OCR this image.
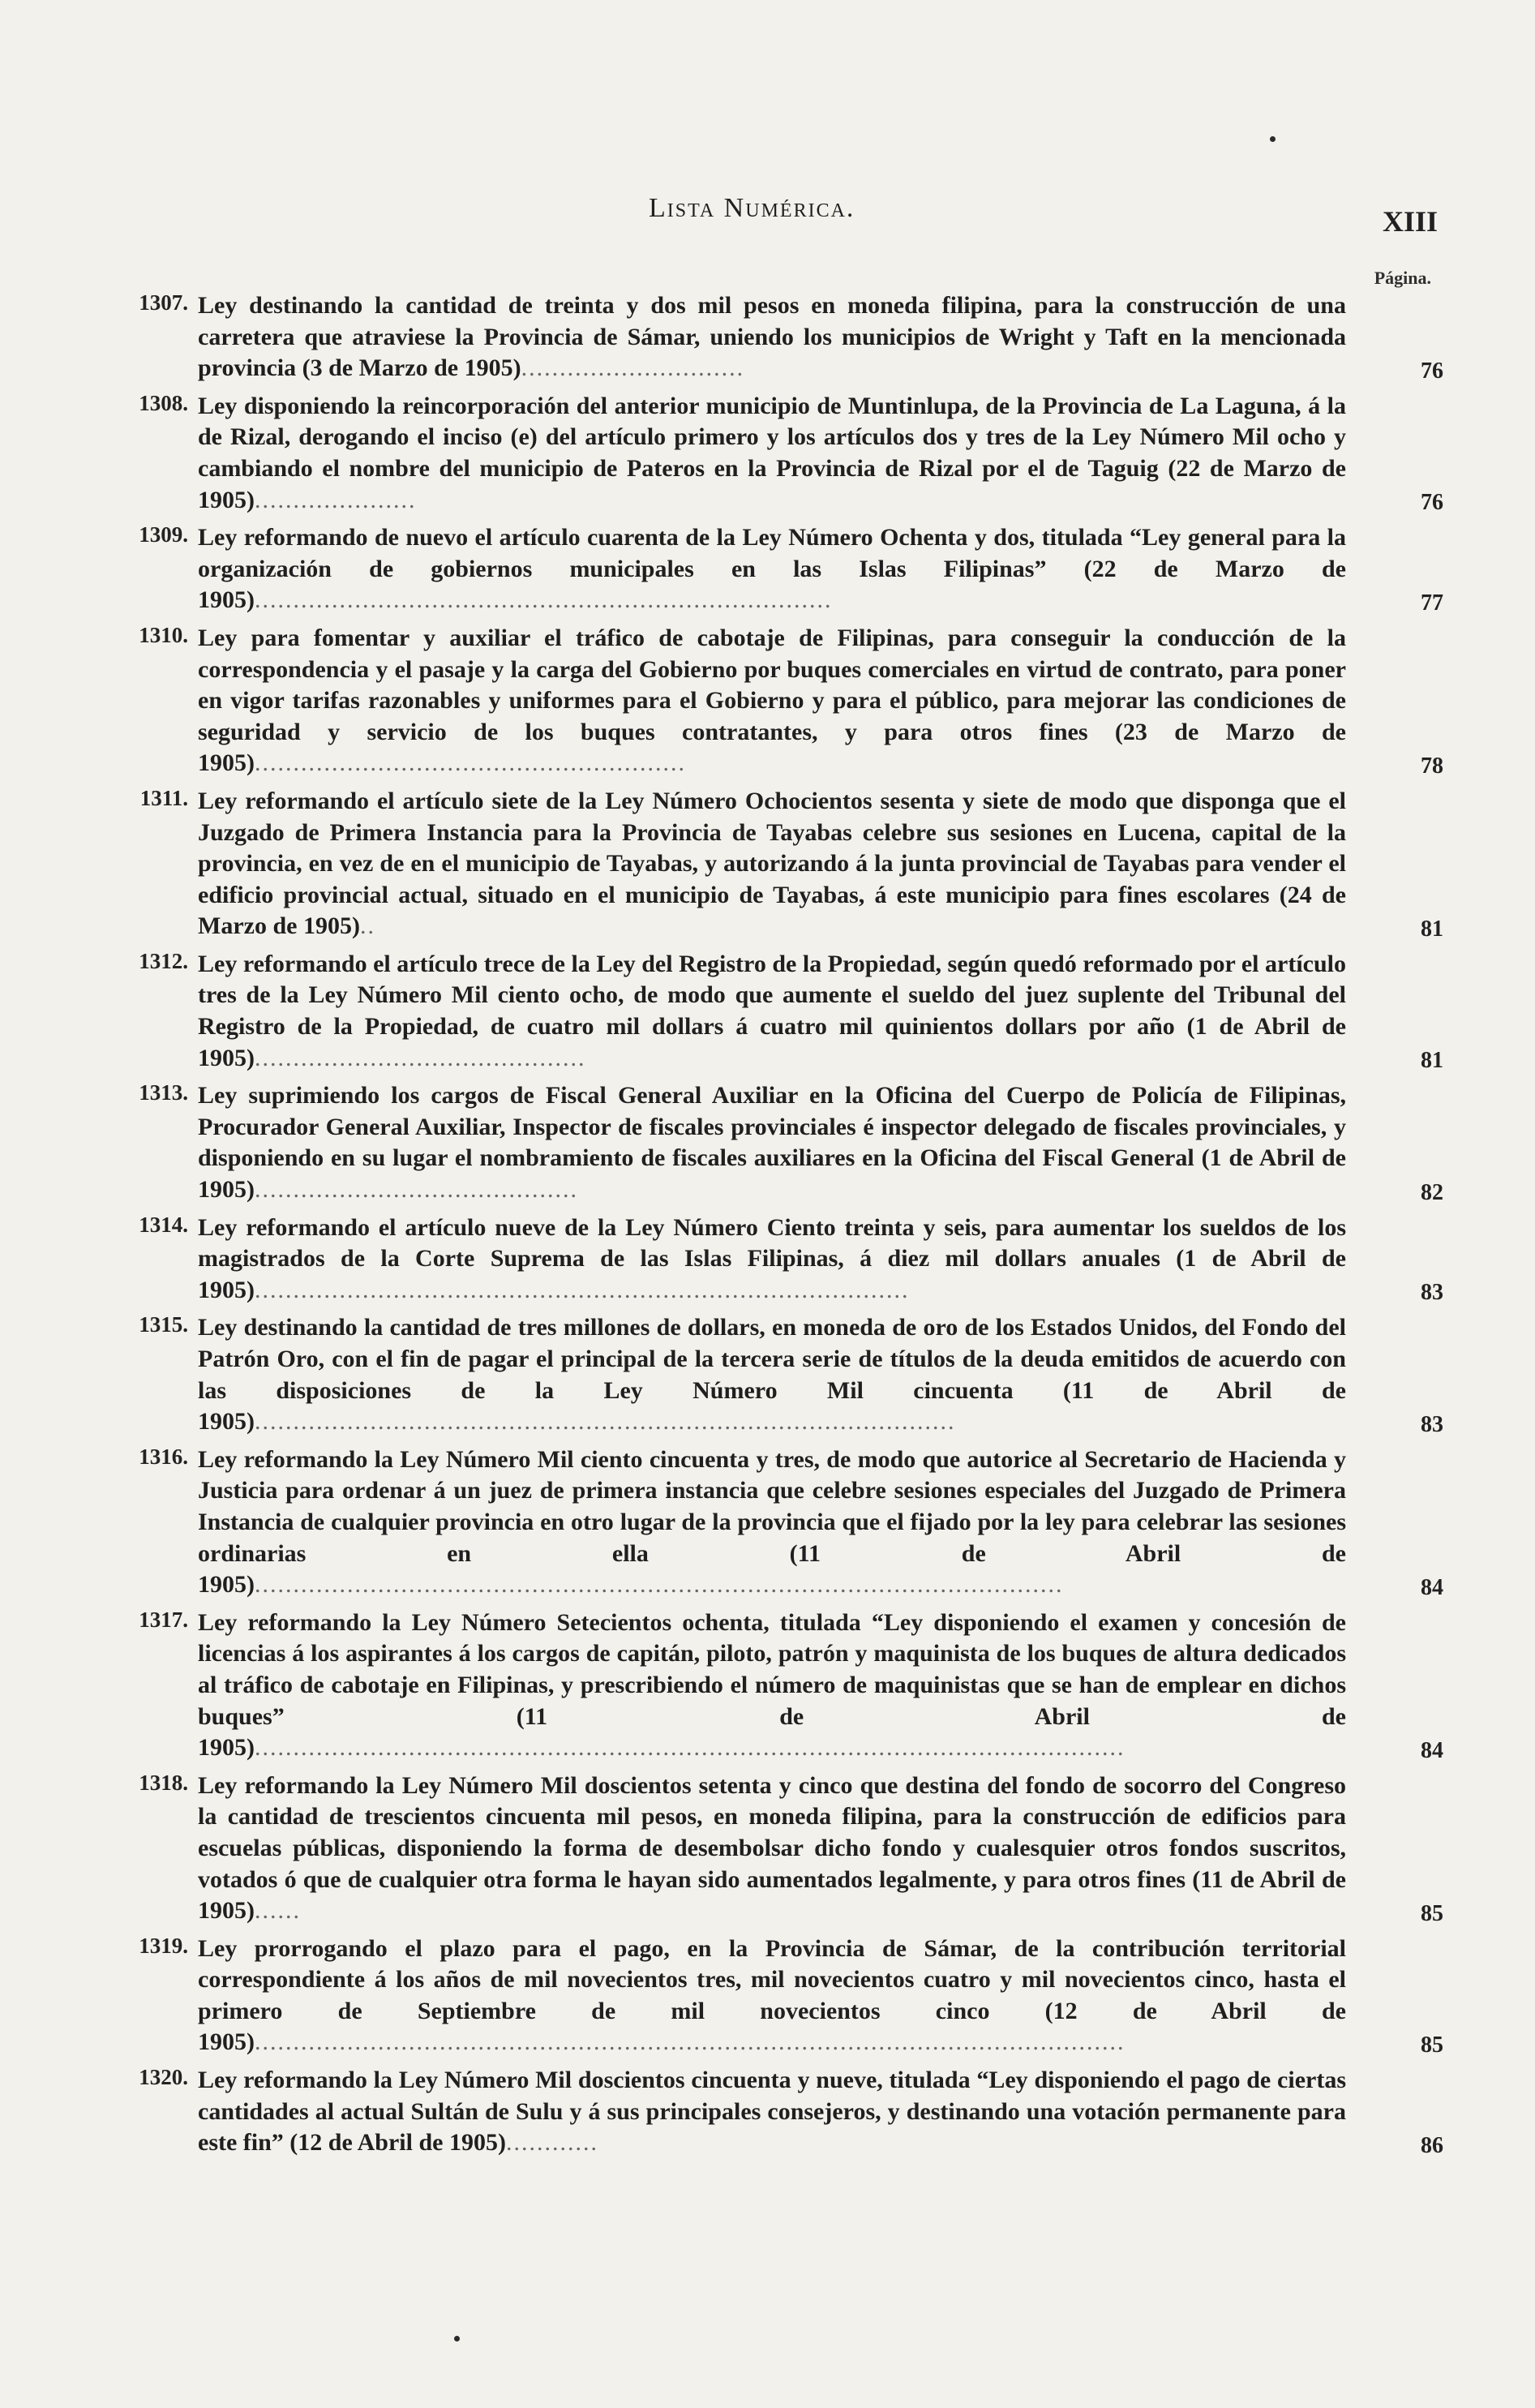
Lista Numérica.	XIII
Página.
1307. Ley destinando la cantidad de treinta y dos mil pesos en moneda filipina, para la construcción de una carretera que atraviese la Provincia de Sámar, uniendo los municipios de Wright y Taft en la mencionada provincia (3 de Marzo de 1905).............................	76
1308. Ley disponiendo la reincorporación del anterior municipio de Muntinlupa, de la Provincia de La Laguna, á la de Rizal, derogando el inciso (e) del artículo primero y los artículos dos y tres de la Ley Número Mil ocho y cambiando el nombre del municipio de Pateros en la Provincia de Rizal por el de Taguig (22 de Marzo de 1905).....................	76
1309. Ley reformando de nuevo el artículo cuarenta de la Ley Número Ochenta y dos, titulada “Ley general para la organización de gobiernos municipales en las Islas Filipinas” (22 de Marzo de 1905)...........................................................................	77
1310. Ley para fomentar y auxiliar el tráfico de cabotaje de Filipinas, para conseguir la conducción de la correspondencia y el pasaje y la carga del Gobierno por buques comerciales en virtud de contrato, para poner en vigor tarifas razonables y uniformes para el Gobierno y para el público, para mejorar las condiciones de seguridad y servicio de los buques contratantes, y para otros fines (23 de Marzo de 1905)........................................................	78
1311. Ley reformando el artículo siete de la Ley Número Ochocientos sesenta y siete de modo que disponga que el Juzgado de Primera Instancia para la Provincia de Tayabas celebre sus sesiones en Lucena, capital de la provincia, en vez de en el municipio de Tayabas, y autorizando á la junta provincial de Tayabas para vender el edificio provincial actual, situado en el municipio de Tayabas, á este municipio para fines escolares (24 de Marzo de 1905)..	81
1312. Ley reformando el artículo trece de la Ley del Registro de la Propiedad, según quedó reformado por el artículo tres de la Ley Número Mil ciento ocho, de modo que aumente el sueldo del juez suplente del Tribunal del Registro de la Propiedad, de cuatro mil dollars á cuatro mil quinientos dollars por año (1 de Abril de 1905)...........................................	81
1313. Ley suprimiendo los cargos de Fiscal General Auxiliar en la Oficina del Cuerpo de Policía de Filipinas, Procurador General Auxiliar, Inspector de fiscales provinciales é inspector delegado de fiscales provinciales, y disponiendo en su lugar el nombramiento de fiscales auxiliares en la Oficina del Fiscal General (1 de Abril de 1905)..........................................	82
1314. Ley reformando el artículo nueve de la Ley Número Ciento treinta y seis, para aumentar los sueldos de los magistrados de la Corte Suprema de las Islas Filipinas, á diez mil dollars anuales (1 de Abril de 1905).....................................................................................	83
1315. Ley destinando la cantidad de tres millones de dollars, en moneda de oro de los Estados Unidos, del Fondo del Patrón Oro, con el fin de pagar el principal de la tercera serie de títulos de la deuda emitidos de acuerdo con las disposiciones de la Ley Número Mil cincuenta (11 de Abril de 1905)...........................................................................................	83
1316. Ley reformando la Ley Número Mil ciento cincuenta y tres, de modo que autorice al Secretario de Hacienda y Justicia para ordenar á un juez de primera instancia que celebre sesiones especiales del Juzgado de Primera Instancia de cualquier provincia en otro lugar de la provincia que el fijado por la ley para celebrar las sesiones ordinarias en ella (11 de Abril de 1905).........................................................................................................	84
1317. Ley reformando la Ley Número Setecientos ochenta, titulada “Ley disponiendo el examen y concesión de licencias á los aspirantes á los cargos de capitán, piloto, patrón y maquinista de los buques de altura dedicados al tráfico de cabotaje en Filipinas, y prescribiendo el número de maquinistas que se han de emplear en dichos buques” (11 de Abril de 1905).................................................................................................................	84
1318. Ley reformando la Ley Número Mil doscientos setenta y cinco que destina del fondo de socorro del Congreso la cantidad de trescientos cincuenta mil pesos, en moneda filipina, para la construcción de edificios para escuelas públicas, disponiendo la forma de desembolsar dicho fondo y cualesquier otros fondos suscritos, votados ó que de cualquier otra forma le hayan sido aumentados legalmente, y para otros fines (11 de Abril de 1905)......	85
1319. Ley prorrogando el plazo para el pago, en la Provincia de Sámar, de la contribución territorial correspondiente á los años de mil novecientos tres, mil novecientos cuatro y mil novecientos cinco, hasta el primero de Septiembre de mil novecientos cinco (12 de Abril de 1905).................................................................................................................	85
1320. Ley reformando la Ley Número Mil doscientos cincuenta y nueve, titulada “Ley disponiendo el pago de ciertas cantidades al actual Sultán de Sulu y á sus principales consejeros, y destinando una votación permanente para este fin” (12 de Abril de 1905)............	86
